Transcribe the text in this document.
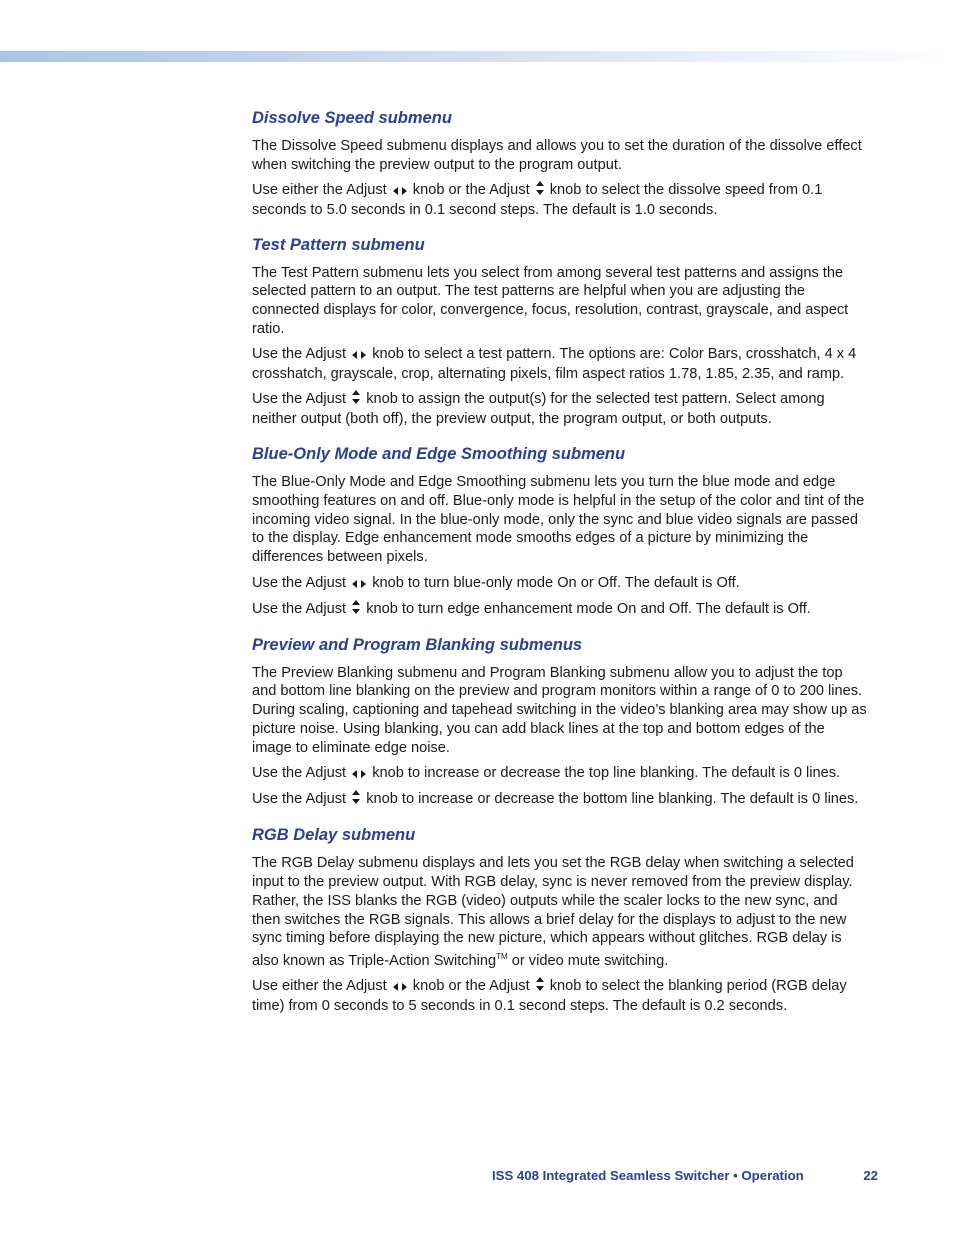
Dissolve Speed submenu

The Dissolve Speed submenu displays and allows you to set the duration of the dissolve effect when switching the preview output to the program output.

Use either the Adjust knob or the Adjust knob to select the dissolve speed from 0.1 seconds to 5.0 seconds in 0.1 second steps. The default is 1.0 seconds.

Test Pattern submenu

The Test Pattern submenu lets you select from among several test patterns and assigns the selected pattern to an output. The test patterns are helpful when you are adjusting the connected displays for color, convergence, focus, resolution, contrast, grayscale, and aspect ratio.

Use the Adjust knob to select a test pattern. The options are: Color Bars, crosshatch, 4 x 4 crosshatch, grayscale, crop, alternating pixels, film aspect ratios 1.78, 1.85, 2.35, and ramp.

Use the Adjust knob to assign the output(s) for the selected test pattern. Select among neither output (both off), the preview output, the program output, or both outputs.

Blue-Only Mode and Edge Smoothing submenu

The Blue-Only Mode and Edge Smoothing submenu lets you turn the blue mode and edge smoothing features on and off. Blue-only mode is helpful in the setup of the color and tint of the incoming video signal. In the blue-only mode, only the sync and blue video signals are passed to the display. Edge enhancement mode smooths edges of a picture by minimizing the differences between pixels.

Use the Adjust knob to turn blue-only mode On or Off. The default is Off.

Use the Adjust knob to turn edge enhancement mode On and Off. The default is Off.

Preview and Program Blanking submenus

The Preview Blanking submenu and Program Blanking submenu allow you to adjust the top and bottom line blanking on the preview and program monitors within a range of 0 to 200 lines. During scaling, captioning and tapehead switching in the video’s blanking area may show up as picture noise. Using blanking, you can add black lines at the top and bottom edges of the image to eliminate edge noise.

Use the Adjust knob to increase or decrease the top line blanking. The default is 0 lines.

Use the Adjust knob to increase or decrease the bottom line blanking. The default is 0 lines.

RGB Delay submenu

The RGB Delay submenu displays and lets you set the RGB delay when switching a selected input to the preview output. With RGB delay, sync is never removed from the preview display. Rather, the ISS blanks the RGB (video) outputs while the scaler locks to the new sync, and then switches the RGB signals. This allows a brief delay for the displays to adjust to the new sync timing before displaying the new picture, which appears without glitches. RGB delay is also known as Triple-Action Switching™ or video mute switching.

Use either the Adjust knob or the Adjust knob to select the blanking period (RGB delay time) from 0 seconds to 5 seconds in 0.1 second steps. The default is 0.2 seconds.

ISS 408 Integrated Seamless Switcher • Operation	22
